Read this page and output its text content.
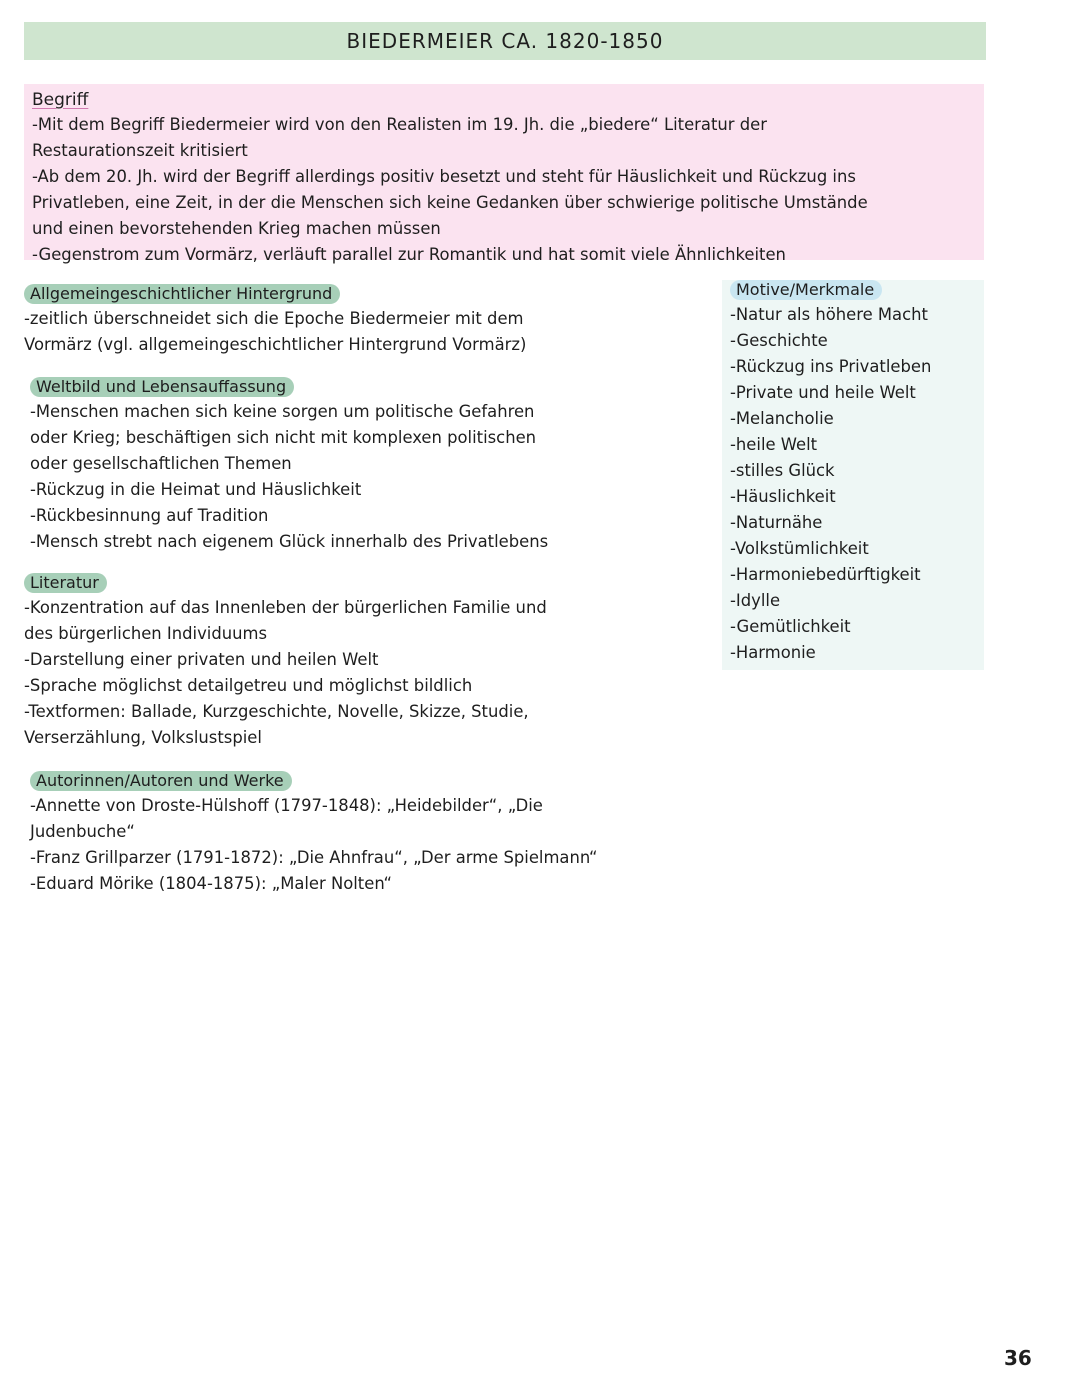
BIEDERMEIER CA. 1820-1850
Begriff
-Mit dem Begriff Biedermeier wird von den Realisten im 19. Jh. die „biedere“ Literatur der
Restaurationszeit kritisiert
-Ab dem 20. Jh. wird der Begriff allerdings positiv besetzt und steht für Häuslichkeit und Rückzug ins
Privatleben, eine Zeit, in der die Menschen sich keine Gedanken über schwierige politische Umstände
und einen bevorstehenden Krieg machen müssen
-Gegenstrom zum Vormärz, verläuft parallel zur Romantik und hat somit viele Ähnlichkeiten
Allgemeingeschichtlicher Hintergrund
-zeitlich überschneidet sich die Epoche Biedermeier mit dem
Vormärz (vgl. allgemeingeschichtlicher Hintergrund Vormärz)
Weltbild und Lebensauffassung
-Menschen machen sich keine sorgen um politische Gefahren
oder Krieg; beschäftigen sich nicht mit komplexen politischen
oder gesellschaftlichen Themen
-Rückzug in die Heimat und Häuslichkeit
-Rückbesinnung auf Tradition
-Mensch strebt nach eigenem Glück innerhalb des Privatlebens
Literatur
-Konzentration auf das Innenleben der bürgerlichen Familie und
des bürgerlichen Individuums
-Darstellung einer privaten und heilen Welt
-Sprache möglichst detailgetreu und möglichst bildlich
-Textformen: Ballade, Kurzgeschichte, Novelle, Skizze, Studie,
Verserzählung, Volkslustspiel
Autorinnen/Autoren und Werke
-Annette von Droste-Hülshoff (1797-1848): „Heidebilder“, „Die
Judenbuche“
-Franz Grillparzer (1791-1872): „Die Ahnfrau“, „Der arme Spielmann“
-Eduard Mörike (1804-1875): „Maler Nolten“
Motive/Merkmale
-Natur als höhere Macht
-Geschichte
-Rückzug ins Privatleben
-Private und heile Welt
-Melancholie
-heile Welt
-stilles Glück
-Häuslichkeit
-Naturnähe
-Volkstümlichkeit
-Harmoniebedürftigkeit
-Idylle
-Gemütlichkeit
-Harmonie
36
